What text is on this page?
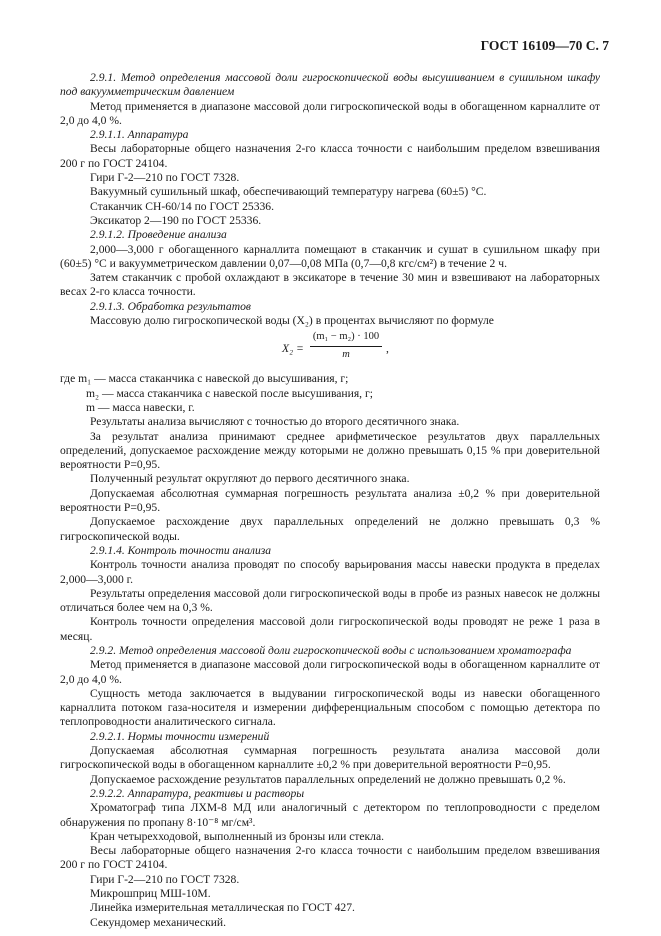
ГОСТ 16109—70 С. 7

2.9.1. Метод определения массовой доли гигроскопической воды высушиванием в сушильном шкафу под вакуумметрическим давлением

Метод применяется в диапазоне массовой доли гигроскопической воды в обогащенном карналлите от 2,0 до 4,0 %.

2.9.1.1. Аппаратура

Весы лабораторные общего назначения 2-го класса точности с наибольшим пределом взвешивания 200 г по ГОСТ 24104.

Гири Г-2—210 по ГОСТ 7328.

Вакуумный сушильный шкаф, обеспечивающий температуру нагрева (60±5) °С.

Стаканчик СН-60/14 по ГОСТ 25336.

Эксикатор 2—190 по ГОСТ 25336.

2.9.1.2. Проведение анализа

2,000—3,000 г обогащенного карналлита помещают в стаканчик и сушат в сушильном шкафу при (60±5) °С и вакуумметрическом давлении 0,07—0,08 МПа (0,7—0,8 кгс/см²) в течение 2 ч.

Затем стаканчик с пробой охлаждают в эксикаторе в течение 30 мин и взвешивают на лабораторных весах 2-го класса точности.

2.9.1.3. Обработка результатов

Массовую долю гигроскопической воды (X₂) в процентах вычисляют по формуле

$X_2 = \frac{\text{(m₁ − m₂) · 100}}{m}$ ,

где m₁ — масса стаканчика с навеской до высушивания, г;

m₂ — масса стаканчика с навеской после высушивания, г;

m — масса навески, г.

Результаты анализа вычисляют с точностью до второго десятичного знака.

За результат анализа принимают среднее арифметическое результатов двух параллельных определений, допускаемое расхождение между которыми не должно превышать 0,15 % при доверительной вероятности Р=0,95.

Полученный результат округляют до первого десятичного знака.

Допускаемая абсолютная суммарная погрешность результата анализа ±0,2 % при доверительной вероятности Р=0,95.

Допускаемое расхождение двух параллельных определений не должно превышать 0,3 % гигроскопической воды.

2.9.1.4. Контроль точности анализа

Контроль точности анализа проводят по способу варьирования массы навески продукта в пределах 2,000—3,000 г.

Результаты определения массовой доли гигроскопической воды в пробе из разных навесок не должны отличаться более чем на 0,3 %.

Контроль точности определения массовой доли гигроскопической воды проводят не реже 1 раза в месяц.

2.9.2. Метод определения массовой доли гигроскопической воды с использованием хроматографа

Метод применяется в диапазоне массовой доли гигроскопической воды в обогащенном карналлите от 2,0 до 4,0 %.

Сущность метода заключается в выдувании гигроскопической воды из навески обогащенного карналлита потоком газа-носителя и измерении дифференциальным способом с помощью детектора по теплопроводности аналитического сигнала.

2.9.2.1. Нормы точности измерений

Допускаемая абсолютная суммарная погрешность результата анализа массовой доли гигроскопической воды в обогащенном карналлите ±0,2 % при доверительной вероятности Р=0,95.

Допускаемое расхождение результатов параллельных определений не должно превышать 0,2 %.

2.9.2.2. Аппаратура, реактивы и растворы

Хроматограф типа ЛХМ-8 МД или аналогичный с детектором по теплопроводности с пределом обнаружения по пропану 8·10⁻⁸ мг/см³.

Кран четырехходовой, выполненный из бронзы или стекла.

Весы лабораторные общего назначения 2-го класса точности с наибольшим пределом взвешивания 200 г по ГОСТ 24104.

Гири Г-2—210 по ГОСТ 7328.

Микрошприц МШ-10М.

Линейка измерительная металлическая по ГОСТ 427.

Секундомер механический.
